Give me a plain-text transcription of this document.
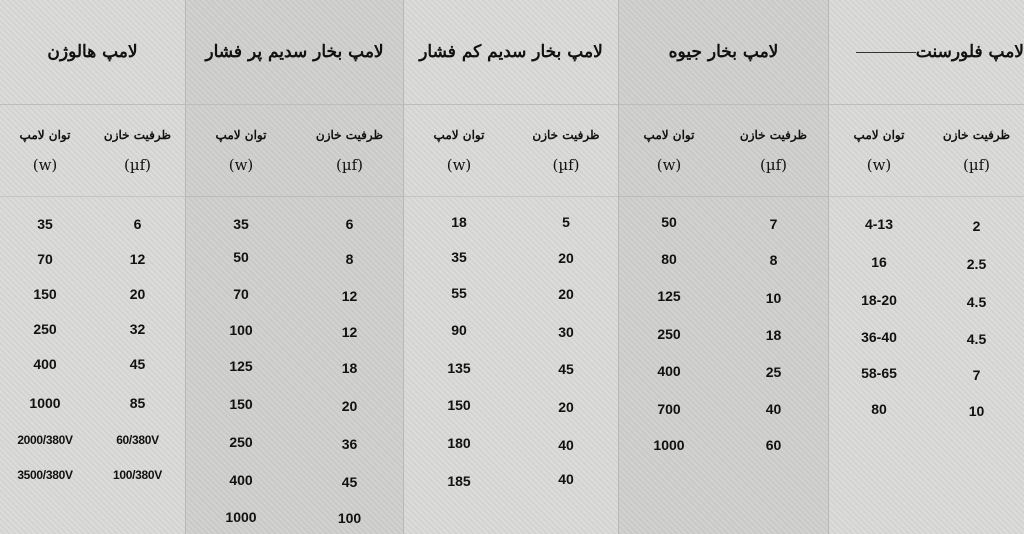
لامپ هالوژن
توان لامپ
(w)
35
70
150
250
400
1000
2000/380V
3500/380V
ظرفیت خازن
(µf)
6
12
20
32
45
85
60/380V
100/380V
لامپ بخار سدیم پر فشار
توان لامپ
(w)
35
50
70
100
125
150
250
400
1000
ظرفیت خازن
(µf)
6
8
12
12
18
20
36
45
100
لامپ بخار سدیم کم فشار
توان لامپ
(w)
18
35
55
90
135
150
180
185
ظرفیت خازن
(µf)
5
20
20
30
45
20
40
40
لامپ بخار جیوه
توان لامپ
(w)
50
80
125
250
400
700
1000
ظرفیت خازن
(µf)
7
8
10
18
25
40
60
لامپ فلورسنت
توان لامپ
(w)
4-13
16
18-20
36-40
58-65
80
ظرفیت خازن
(µf)
2
2.5
4.5
4.5
7
10
